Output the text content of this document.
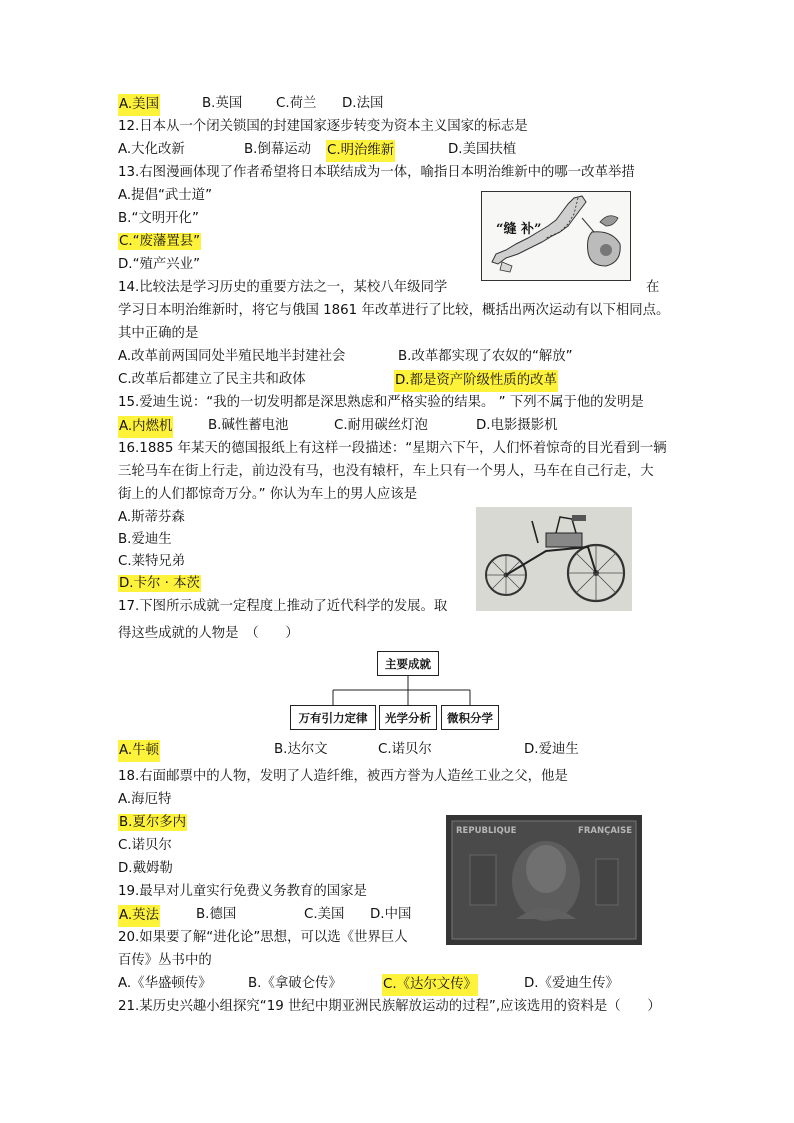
A.美国	B.英国	C.荷兰 D.法国
12.日本从一个闭关锁国的封建国家逐步转变为资本主义国家的标志是
A.大化改新	B.倒幕运动 C.明治维新	D.美国扶植
13.右图漫画体现了作者希望将日本联结成为一体，喻指日本明治维新中的哪一改革举措
A.提倡“武士道”
B.“文明开化”
C.“废藩置县”
D.“殖产兴业”
“缝 补”
14.比较法是学习历史的重要方法之一，某校八年级同学	在
学习日本明治维新时，将它与俄国 1861 年改革进行了比较，概括出两次运动有以下相同点。
其中正确的是
A.改革前两国同处半殖民地半封建社会	B.改革都实现了农奴的“解放”
C.改革后都建立了民主共和政体	D.都是资产阶级性质的改革
15.爱迪生说：“我的一切发明都是深思熟虑和严格实验的结果。 ” 下列不属于他的发明是
A.内燃机	B.碱性蓄电池	C.耐用碳丝灯泡	D.电影摄影机
16.1885 年某天的德国报纸上有这样一段描述：“星期六下午，人们怀着惊奇的目光看到一辆
三轮马车在街上行走，前边没有马，也没有辕杆，车上只有一个男人，马车在自己行走，大
街上的人们都惊奇万分。” 你认为车上的男人应该是
A.斯蒂芬森
B.爱迪生
C.莱特兄弟
D.卡尔 · 本茨
17.下图所示成就一定程度上推动了近代科学的发展。取
得这些成就的人物是　（　　）
主要成就
万有引力定律	光学分析	微积分学
A.牛顿	B.达尔文	C.诺贝尔	D.爱迪生
18.右面邮票中的人物，发明了人造纤维，被西方誉为人造丝工业之父，他是
A.海厄特
B.夏尔多内
C.诺贝尔
D.戴姆勒
REPUBLIQUE	FRANÇAISE
19.最早对儿童实行免费义务教育的国家是
A.英法	B.德国	C.美国 D.中国
20.如果要了解“进化论”思想，可以选《世界巨人
百传》丛书中的
A.《华盛顿传》	B.《拿破仑传》	C.《达尔文传》	D.《爱迪生传》
21.某历史兴趣小组探究“19 世纪中期亚洲民族解放运动的过程”,应该选用的资料是（　　）
